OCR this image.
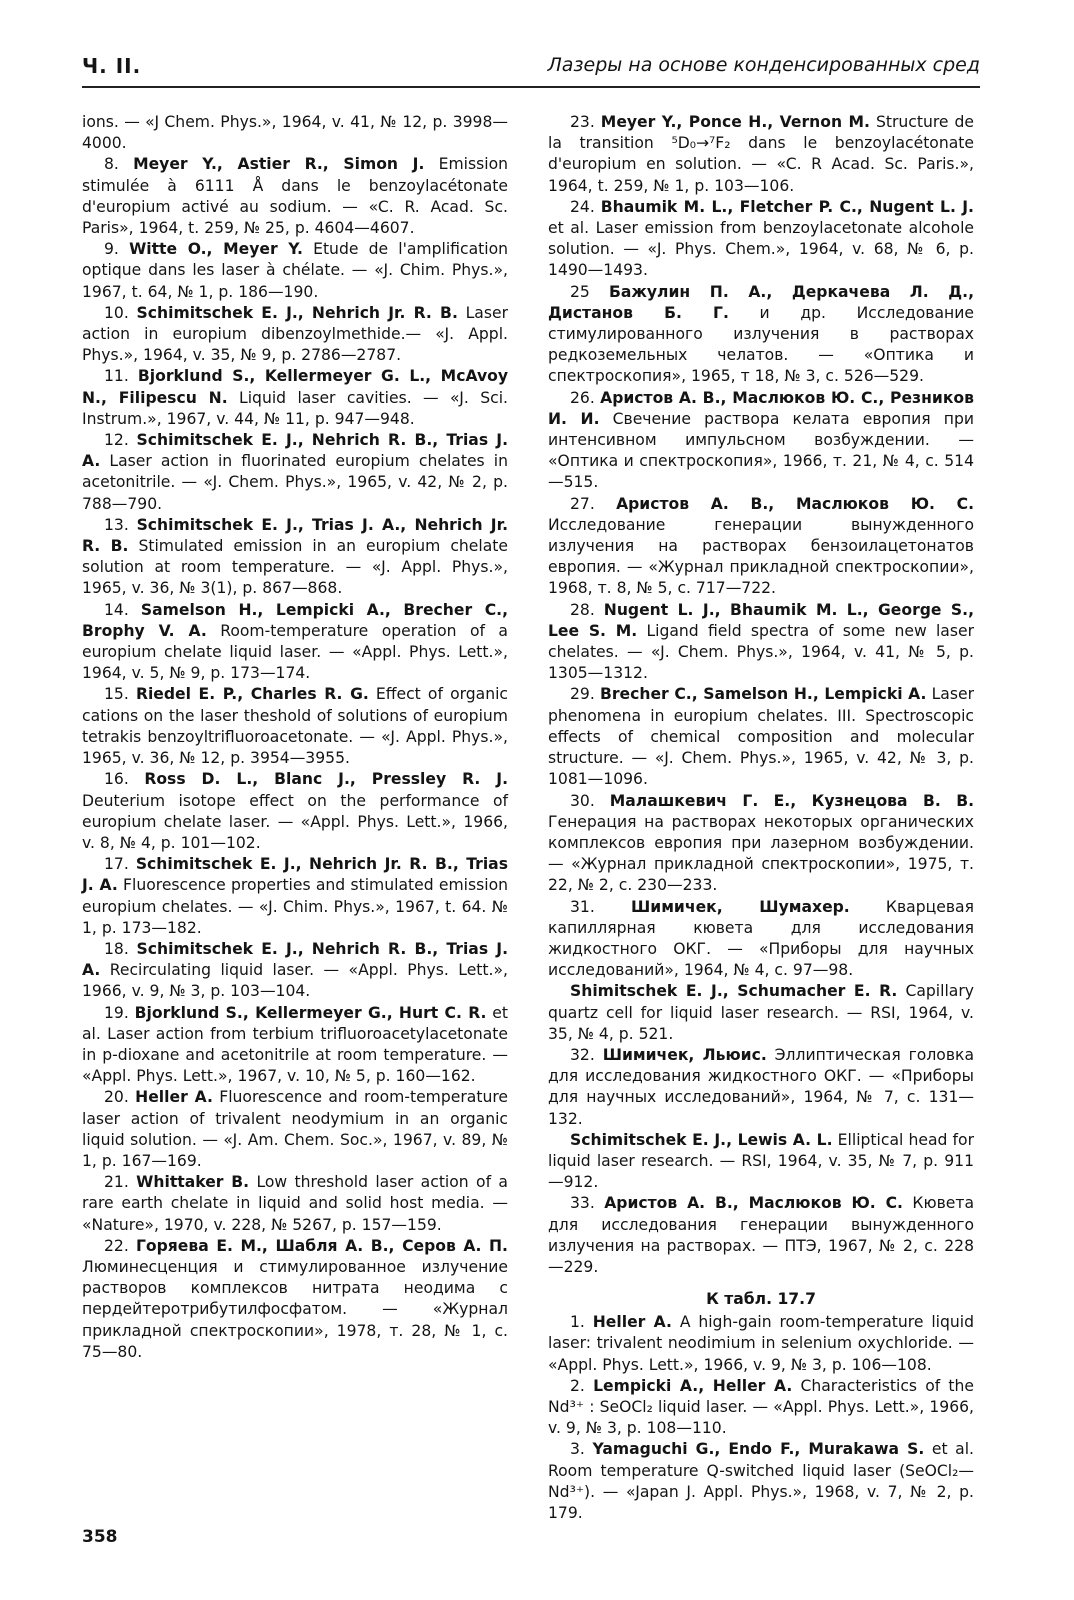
Ч. II.	Лазеры на основе конденсированных сред

ions. — «J Chem. Phys.», 1964, v. 41, № 12, p. 3998—4000.

8. Meyer Y., Astier R., Simon J. Emission stimulée à 6111 Å dans le benzoylacétonate d'europium activé au sodium. — «C. R. Acad. Sc. Paris», 1964, t. 259, № 25, p. 4604—4607.

9. Witte O., Meyer Y. Etude de l'amplification optique dans les laser à chélate. — «J. Chim. Phys.», 1967, t. 64, № 1, p. 186—190.

10. Schimitschek E. J., Nehrich Jr. R. B. Laser action in europium dibenzoylmethide.— «J. Appl. Phys.», 1964, v. 35, № 9, p. 2786—2787.

11. Bjorklund S., Kellermeyer G. L., McAvoy N., Filipescu N. Liquid laser cavities. — «J. Sci. Instrum.», 1967, v. 44, № 11, p. 947—948.

12. Schimitschek E. J., Nehrich R. B., Trias J. A. Laser action in fluorinated europium chelates in acetonitrile. — «J. Chem. Phys.», 1965, v. 42, № 2, p. 788—790.

13. Schimitschek E. J., Trias J. A., Nehrich Jr. R. B. Stimulated emission in an europium chelate solution at room temperature. — «J. Appl. Phys.», 1965, v. 36, № 3(1), p. 867—868.

14. Samelson H., Lempicki A., Brecher C., Brophy V. A. Room-temperature operation of a europium chelate liquid laser. — «Appl. Phys. Lett.», 1964, v. 5, № 9, p. 173—174.

15. Riedel E. P., Charles R. G. Effect of organic cations on the laser theshold of solutions of europium tetrakis benzoyltrifluoroacetonate. — «J. Appl. Phys.», 1965, v. 36, № 12, p. 3954—3955.

16. Ross D. L., Blanc J., Pressley R. J. Deuterium isotope effect on the performance of europium chelate laser. — «Appl. Phys. Lett.», 1966, v. 8, № 4, p. 101—102.

17. Schimitschek E. J., Nehrich Jr. R. B., Trias J. A. Fluorescence properties and stimulated emission europium chelates. — «J. Chim. Phys.», 1967, t. 64. № 1, p. 173—182.

18. Schimitschek E. J., Nehrich R. B., Trias J. A. Recirculating liquid laser. — «Appl. Phys. Lett.», 1966, v. 9, № 3, p. 103—104.

19. Bjorklund S., Kellermeyer G., Hurt C. R. et al. Laser action from terbium trifluoroacetylacetonate in p-dioxane and acetonitrile at room temperature. — «Appl. Phys. Lett.», 1967, v. 10, № 5, p. 160—162.

20. Heller A. Fluorescence and room-temperature laser action of trivalent neodymium in an organic liquid solution. — «J. Am. Chem. Soc.», 1967, v. 89, № 1, p. 167—169.

21. Whittaker B. Low threshold laser action of a rare earth chelate in liquid and solid host media. — «Nature», 1970, v. 228, № 5267, p. 157—159.

22. Горяева Е. М., Шабля А. В., Серов А. П. Люминесценция и стимулированное излучение растворов комплексов нитрата неодима с пердейтеротрибутилфосфатом. — «Журнал прикладной спектроскопии», 1978, т. 28, № 1, с. 75—80.

23. Meyer Y., Ponce H., Vernon M. Structure de la transition ⁵D₀→⁷F₂ dans le benzoylacétonate d'europium en solution. — «C. R Acad. Sc. Paris.», 1964, t. 259, № 1, p. 103—106.

24. Bhaumik M. L., Fletcher P. C., Nugent L. J. et al. Laser emission from benzoylacetonate alcohole solution. — «J. Phys. Chem.», 1964, v. 68, № 6, p. 1490—1493.

25 Бажулин П. А., Деркачева Л. Д., Дистанов Б. Г. и др. Исследование стимулированного излучения в растворах редкоземельных челатов. — «Оптика и спектроскопия», 1965, т 18, № 3, с. 526—529.

26. Аристов А. В., Маслюков Ю. С., Резников И. И. Свечение раствора келата европия при интенсивном импульсном возбуждении. — «Оптика и спектроскопия», 1966, т. 21, № 4, с. 514—515.

27. Аристов А. В., Маслюков Ю. С. Исследование генерации вынужденного излучения на растворах бензоилацетонатов европия. — «Журнал прикладной спектроскопии», 1968, т. 8, № 5, с. 717—722.

28. Nugent L. J., Bhaumik M. L., George S., Lee S. M. Ligand field spectra of some new laser chelates. — «J. Chem. Phys.», 1964, v. 41, № 5, p. 1305—1312.

29. Brecher C., Samelson H., Lempicki A. Laser phenomena in europium chelates. III. Spectroscopic effects of chemical composition and molecular structure. — «J. Chem. Phys.», 1965, v. 42, № 3, p. 1081—1096.

30. Малашкевич Г. Е., Кузнецова В. В. Генерация на растворах некоторых органических комплексов европия при лазерном возбуждении. — «Журнал прикладной спектроскопии», 1975, т. 22, № 2, с. 230—233.

31. Шимичек, Шумахер. Кварцевая капиллярная кювета для исследования жидкостного ОКГ. — «Приборы для научных исследований», 1964, № 4, с. 97—98.

Shimitschek E. J., Schumacher E. R. Capillary quartz cell for liquid laser research. — RSI, 1964, v. 35, № 4, p. 521.

32. Шимичек, Льюис. Эллиптическая головка для исследования жидкостного ОКГ. — «Приборы для научных исследований», 1964, № 7, с. 131—132.

Schimitschek E. J., Lewis A. L. Elliptical head for liquid laser research. — RSI, 1964, v. 35, № 7, p. 911—912.

33. Аристов А. В., Маслюков Ю. С. Кювета для исследования генерации вынужденного излучения на растворах. — ПТЭ, 1967, № 2, с. 228—229.

К табл. 17.7

1. Heller A. A high-gain room-temperature liquid laser: trivalent neodimium in selenium oxychloride. — «Appl. Phys. Lett.», 1966, v. 9, № 3, p. 106—108.

2. Lempicki A., Heller A. Characteristics of the Nd³⁺ : SeOCl₂ liquid laser. — «Appl. Phys. Lett.», 1966, v. 9, № 3, p. 108—110.

3. Yamaguchi G., Endo F., Murakawa S. et al. Room temperature Q-switched liquid laser (SeOCl₂—Nd³⁺). — «Japan J. Appl. Phys.», 1968, v. 7, № 2, p. 179.

358
